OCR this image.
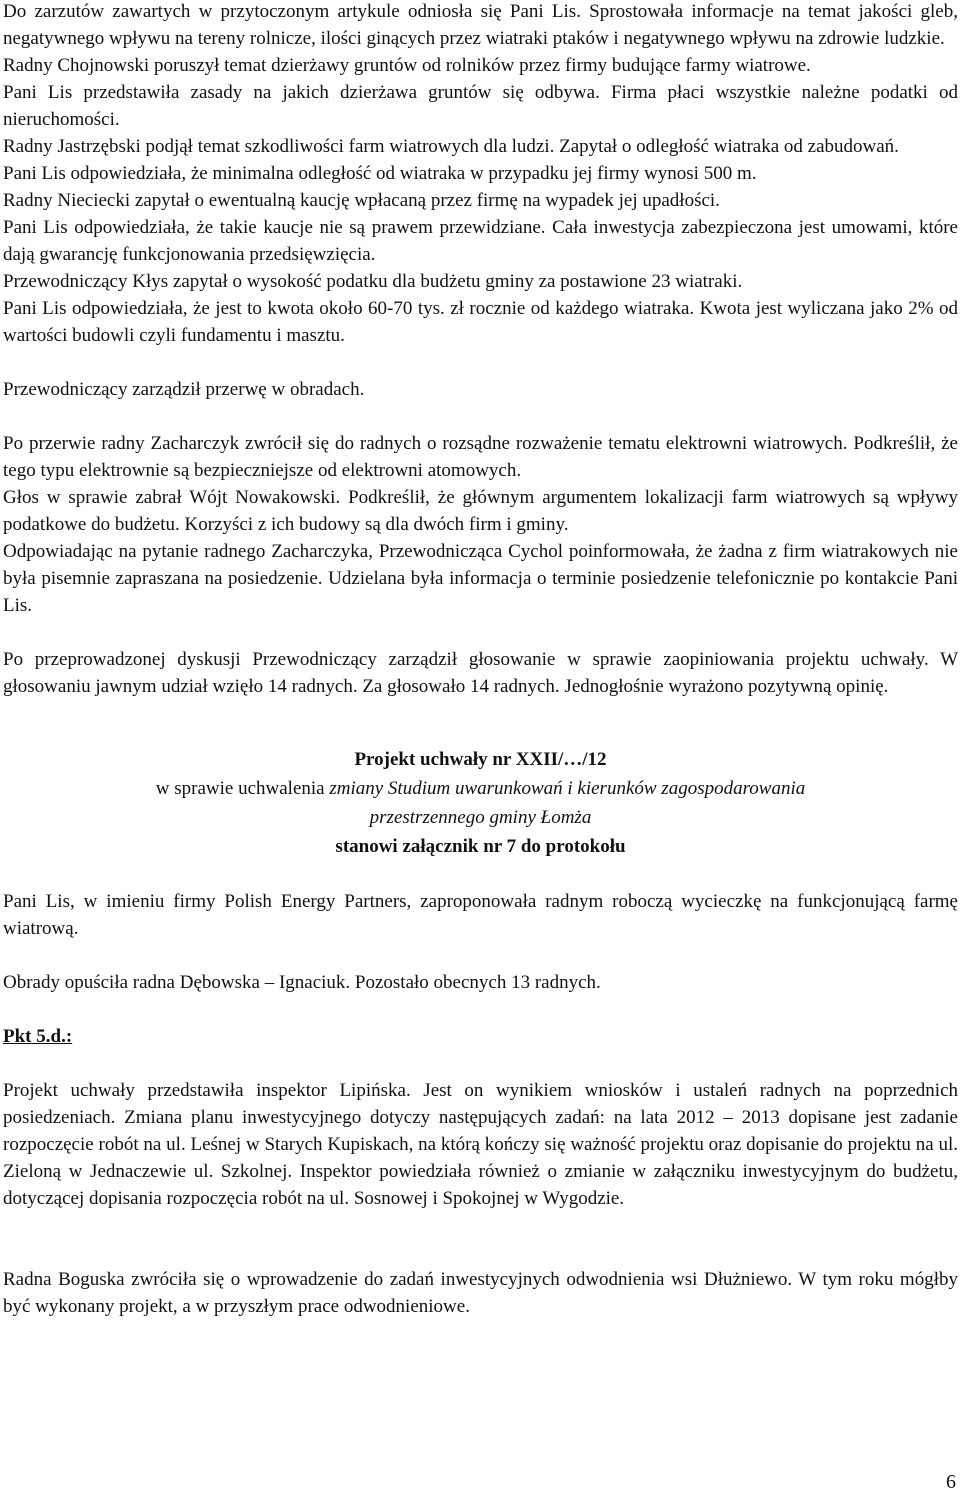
Do zarzutów zawartych w przytoczonym artykule odniosła się Pani Lis. Sprostowała informacje na temat jakości gleb, negatywnego wpływu na tereny rolnicze, ilości ginących przez wiatraki ptaków i negatywnego wpływu na zdrowie ludzkie.

Radny Chojnowski poruszył temat dzierżawy gruntów od rolników przez firmy budujące farmy wiatrowe.

Pani Lis przedstawiła zasady na jakich dzierżawa gruntów się odbywa. Firma płaci wszystkie należne podatki od nieruchomości.

Radny Jastrzębski podjął temat szkodliwości farm wiatrowych dla ludzi. Zapytał o odległość wiatraka od zabudowań.

Pani Lis odpowiedziała, że minimalna odległość od wiatraka w przypadku jej firmy wynosi 500 m.

Radny Nieciecki zapytał o ewentualną kaucję wpłacaną przez firmę na wypadek jej upadłości.

Pani Lis odpowiedziała, że takie kaucje nie są prawem przewidziane. Cała inwestycja zabezpieczona jest umowami, które dają gwarancję funkcjonowania przedsięwzięcia.

Przewodniczący Kłys zapytał o wysokość podatku dla budżetu gminy za postawione 23 wiatraki.

Pani Lis odpowiedziała, że jest to kwota około 60-70 tys. zł rocznie od każdego wiatraka. Kwota jest wyliczana jako 2% od wartości budowli czyli fundamentu i masztu.

Przewodniczący zarządził przerwę w obradach.

Po przerwie radny Zacharczyk zwrócił się do radnych o rozsądne rozważenie tematu elektrowni wiatrowych. Podkreślił, że tego typu elektrownie są bezpieczniejsze od elektrowni atomowych.

Głos w sprawie zabrał Wójt Nowakowski. Podkreślił, że głównym argumentem lokalizacji farm wiatrowych są wpływy podatkowe do budżetu. Korzyści z ich budowy są dla dwóch firm i gminy.

Odpowiadając na pytanie radnego Zacharczyka, Przewodnicząca Cychol poinformowała, że żadna z firm wiatrakowych nie była pisemnie zapraszana na posiedzenie. Udzielana była informacja o terminie posiedzenie telefonicznie po kontakcie Pani Lis.

Po przeprowadzonej dyskusji Przewodniczący zarządził głosowanie w sprawie zaopiniowania projektu uchwały. W głosowaniu jawnym udział wzięło 14 radnych. Za głosowało 14 radnych. Jednogłośnie wyrażono pozytywną opinię.

Projekt uchwały nr XXII/…/12

w sprawie uchwalenia zmiany Studium uwarunkowań i kierunków zagospodarowania

przestrzennego gminy Łomża

stanowi załącznik nr 7 do protokołu

Pani Lis, w imieniu firmy Polish Energy Partners, zaproponowała radnym roboczą wycieczkę na funkcjonującą farmę wiatrową.

Obrady opuściła radna Dębowska – Ignaciuk. Pozostało obecnych 13 radnych.

Pkt 5.d.:

Projekt uchwały przedstawiła inspektor Lipińska. Jest on wynikiem wniosków i ustaleń radnych na poprzednich posiedzeniach. Zmiana planu inwestycyjnego dotyczy następujących zadań: na lata 2012 – 2013 dopisane jest zadanie rozpoczęcie robót na ul. Leśnej w Starych Kupiskach, na którą kończy się ważność projektu oraz dopisanie do projektu na ul. Zieloną w Jednaczewie ul. Szkolnej. Inspektor powiedziała również o zmianie w załączniku inwestycyjnym do budżetu, dotyczącej dopisania rozpoczęcia robót na ul. Sosnowej i Spokojnej w Wygodzie.

Radna Boguska zwróciła się o wprowadzenie do zadań inwestycyjnych odwodnienia wsi Dłużniewo. W tym roku mógłby być wykonany projekt, a w przyszłym prace odwodnieniowe.

6
